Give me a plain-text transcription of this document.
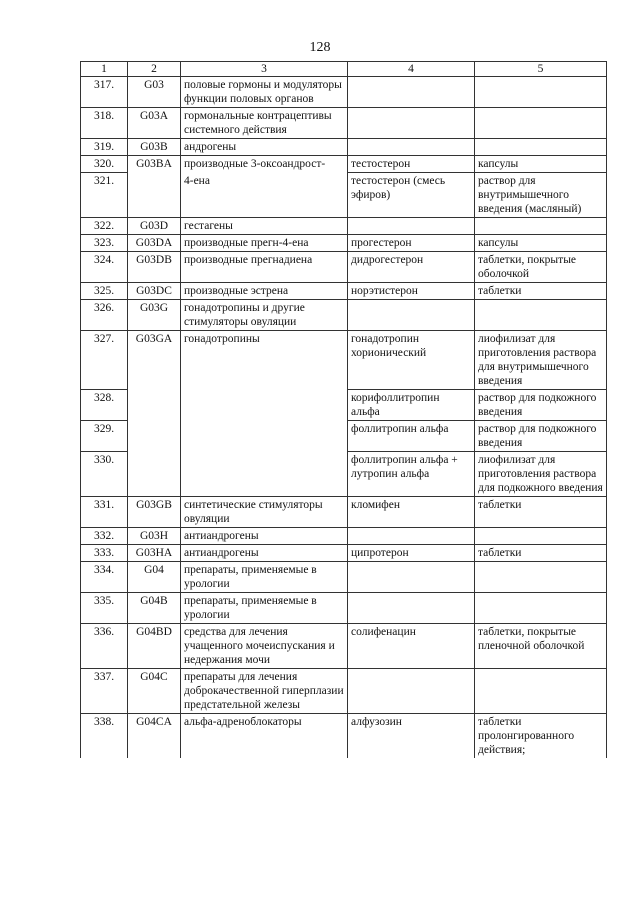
128
1	2	3	4	5
317.	G03	половые гормоны и модуляторы функции половых органов		
318.	G03A	гормональные контрацептивы системного действия		
319.	G03B	андрогены		
320.	G03BA	производные 3-оксоандрост-	тестостерон	капсулы
321.		4-ена	тестостерон (смесь эфиров)	раствор для внутримышечного введения (масляный)
322.	G03D	гестагены		
323.	G03DA	производные прегн-4-ена	прогестерон	капсулы
324.	G03DB	производные прегнадиена	дидрогестерон	таблетки, покрытые оболочкой
325.	G03DC	производные эстрена	норэтистерон	таблетки
326.	G03G	гонадотропины и другие стимуляторы овуляции		
327.	G03GA	гонадотропины	гонадотропин хорионический	лиофилизат для приготовления раствора для внутримышечного введения
328.			корифоллитропин альфа	раствор для подкожного введения
329.			фоллитропин альфа	раствор для подкожного введения
330.			фоллитропин альфа + лутропин альфа	лиофилизат для приготовления раствора для подкожного введения
331.	G03GB	синтетические стимуляторы овуляции	кломифен	таблетки
332.	G03H	антиандрогены		
333.	G03HA	антиандрогены	ципротерон	таблетки
334.	G04	препараты, применяемые в урологии		
335.	G04B	препараты, применяемые в урологии		
336.	G04BD	средства для лечения учащенного мочеиспускания и недержания мочи	солифенацин	таблетки, покрытые пленочной оболочкой
337.	G04C	препараты для лечения доброкачественной гиперплазии предстательной железы		
338.	G04CA	альфа-адреноблокаторы	алфузозин	таблетки пролонгированного действия;
